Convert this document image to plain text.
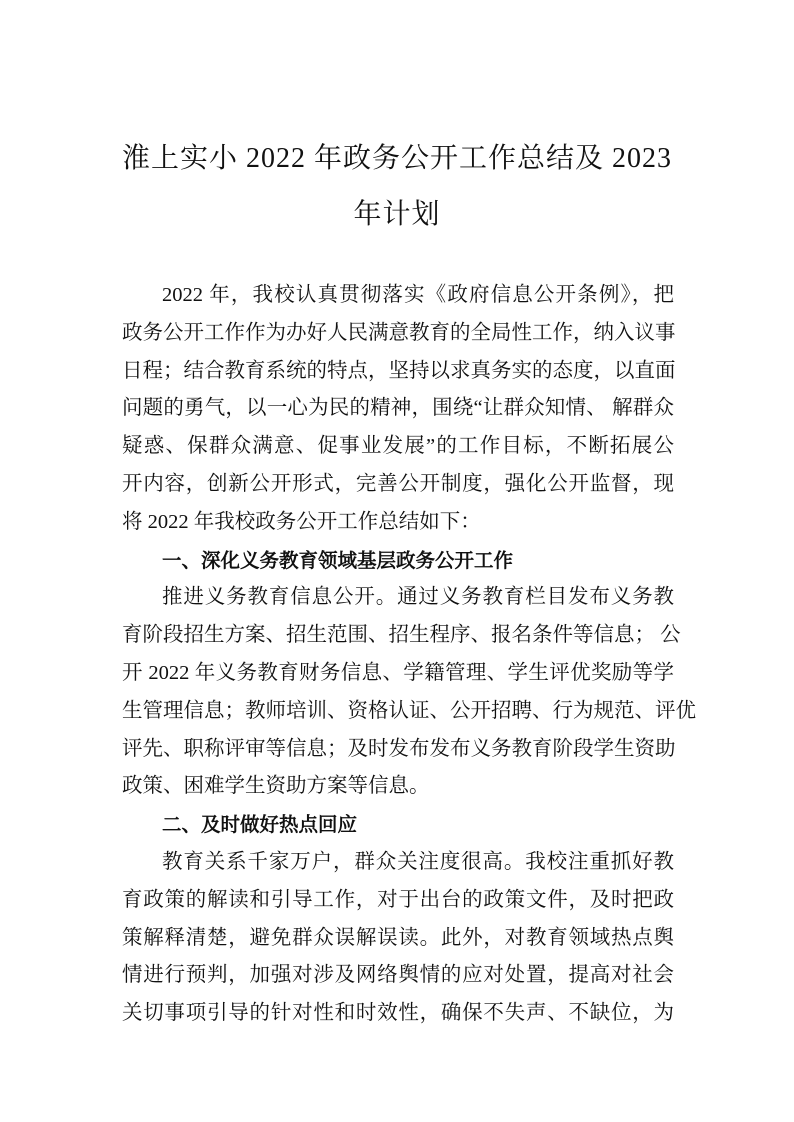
淮上实小 2022 年政务公开工作总结及 2023
年计划
2022 年，我校认真贯彻落实《政府信息公开条例》，把
政务公开工作作为办好人民满意教育的全局性工作，纳入议事
日程；结合教育系统的特点，坚持以求真务实的态度，以直面
问题的勇气，以一心为民的精神，围绕“让群众知情、 解群众
疑惑、保群众满意、促事业发展”的工作目标，不断拓展公
开内容，创新公开形式，完善公开制度，强化公开监督，现
将 2022 年我校政务公开工作总结如下：
一、深化义务教育领域基层政务公开工作
推进义务教育信息公开。通过义务教育栏目发布义务教
育阶段招生方案、招生范围、招生程序、报名条件等信息； 公
开 2022 年义务教育财务信息、学籍管理、学生评优奖励等学
生管理信息；教师培训、资格认证、公开招聘、行为规范、评优
评先、职称评审等信息；及时发布发布义务教育阶段学生资助
政策、困难学生资助方案等信息。
二、及时做好热点回应
教育关系千家万户，群众关注度很高。我校注重抓好教
育政策的解读和引导工作，对于出台的政策文件，及时把政
策解释清楚，避免群众误解误读。此外，对教育领域热点舆
情进行预判，加强对涉及网络舆情的应对处置，提高对社会
关切事项引导的针对性和时效性，确保不失声、不缺位，为
